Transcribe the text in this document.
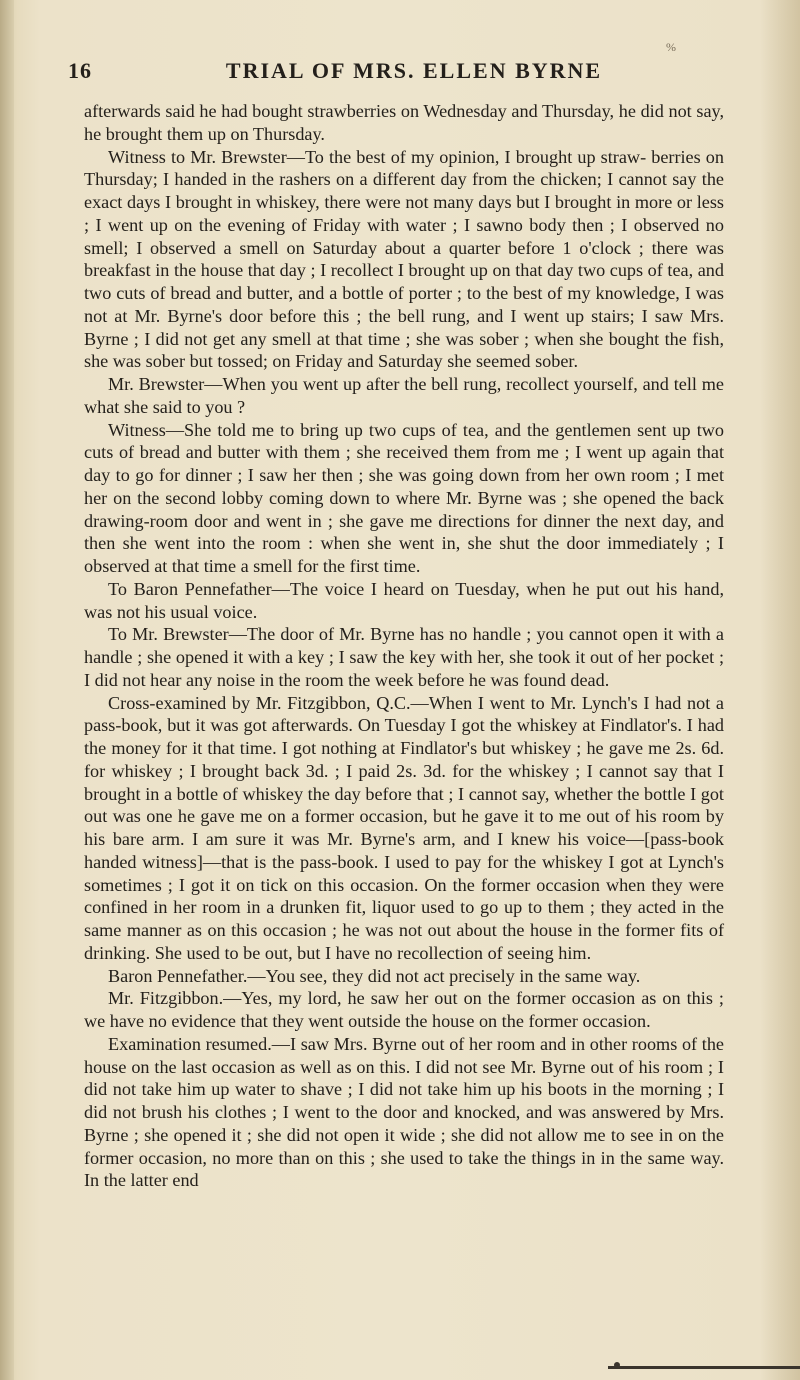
%
16	TRIAL OF MRS. ELLEN BYRNE

afterwards said he had bought strawberries on Wednesday and Thursday, he did not say, he brought them up on Thursday.

Witness to Mr. Brewster—To the best of my opinion, I brought up straw- berries on Thursday; I handed in the rashers on a different day from the chicken; I cannot say the exact days I brought in whiskey, there were not many days but I brought in more or less ; I went up on the evening of Friday with water ; I sawno body then ; I observed no smell; I observed a smell on Saturday about a quarter before 1 o'clock ; there was breakfast in the house that day ; I recollect I brought up on that day two cups of tea, and two cuts of bread and butter, and a bottle of porter ; to the best of my knowledge, I was not at Mr. Byrne's door before this ; the bell rung, and I went up stairs; I saw Mrs. Byrne ; I did not get any smell at that time ; she was sober ; when she bought the fish, she was sober but tossed; on Friday and Saturday she seemed sober.

Mr. Brewster—When you went up after the bell rung, recollect yourself, and tell me what she said to you ?

Witness—She told me to bring up two cups of tea, and the gentlemen sent up two cuts of bread and butter with them ; she received them from me ; I went up again that day to go for dinner ; I saw her then ; she was going down from her own room ; I met her on the second lobby coming down to where Mr. Byrne was ; she opened the back drawing-room door and went in ; she gave me directions for dinner the next day, and then she went into the room : when she went in, she shut the door immediately ; I observed at that time a smell for the first time.

To Baron Pennefather—The voice I heard on Tuesday, when he put out his hand, was not his usual voice.

To Mr. Brewster—The door of Mr. Byrne has no handle ; you cannot open it with a handle ; she opened it with a key ; I saw the key with her, she took it out of her pocket ; I did not hear any noise in the room the week before he was found dead.

Cross-examined by Mr. Fitzgibbon, Q.C.—When I went to Mr. Lynch's I had not a pass-book, but it was got afterwards. On Tuesday I got the whiskey at Findlator's. I had the money for it that time. I got nothing at Findlator's but whiskey ; he gave me 2s. 6d. for whiskey ; I brought back 3d. ; I paid 2s. 3d. for the whiskey ; I cannot say that I brought in a bottle of whiskey the day before that ; I cannot say, whether the bottle I got out was one he gave me on a former occasion, but he gave it to me out of his room by his bare arm. I am sure it was Mr. Byrne's arm, and I knew his voice—[pass-book handed witness]—that is the pass-book. I used to pay for the whiskey I got at Lynch's sometimes ; I got it on tick on this occasion. On the former occasion when they were confined in her room in a drunken fit, liquor used to go up to them ; they acted in the same manner as on this occasion ; he was not out about the house in the former fits of drinking. She used to be out, but I have no recollection of seeing him.

Baron Pennefather.—You see, they did not act precisely in the same way.

Mr. Fitzgibbon.—Yes, my lord, he saw her out on the former occasion as on this ; we have no evidence that they went outside the house on the former occasion.

Examination resumed.—I saw Mrs. Byrne out of her room and in other rooms of the house on the last occasion as well as on this. I did not see Mr. Byrne out of his room ; I did not take him up water to shave ; I did not take him up his boots in the morning ; I did not brush his clothes ; I went to the door and knocked, and was answered by Mrs. Byrne ; she opened it ; she did not open it wide ; she did not allow me to see in on the former occasion, no more than on this ; she used to take the things in in the same way. In the latter end
